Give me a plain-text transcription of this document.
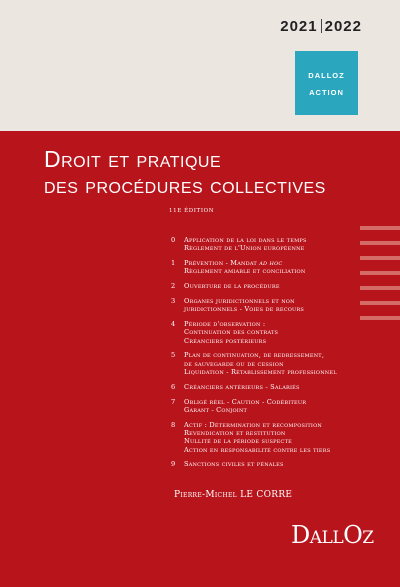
2021 2022
DALLOZ
ACTION
Droit et pratique
des procédures collectives
11E ÉDITION
0 Application de la loi dans le temps
Règlement de l'Union européenne
1 Prévention - Mandat ad hoc
Règlement amiable et conciliation
2 Ouverture de la procédure
3 Organes juridictionnels et non
juridictionnels - Voies de recours
4 Période d'observation :
Continuation des contrats
Créanciers postérieurs
5 Plan de continuation, de redressement,
de sauvegarde ou de cession
Liquidation - Rétablissement professionnel
6 Créanciers antérieurs - Salariés
7 Obligé réel - Caution - Codébiteur
Garant - Conjoint
8 Actif : Détermination et recomposition
Revendication et restitution
Nullité de la période suspecte
Action en responsabilité contre les tiers
9 Sanctions civiles et pénales
Pierre-Michel LE CORRE
DALLOZ
